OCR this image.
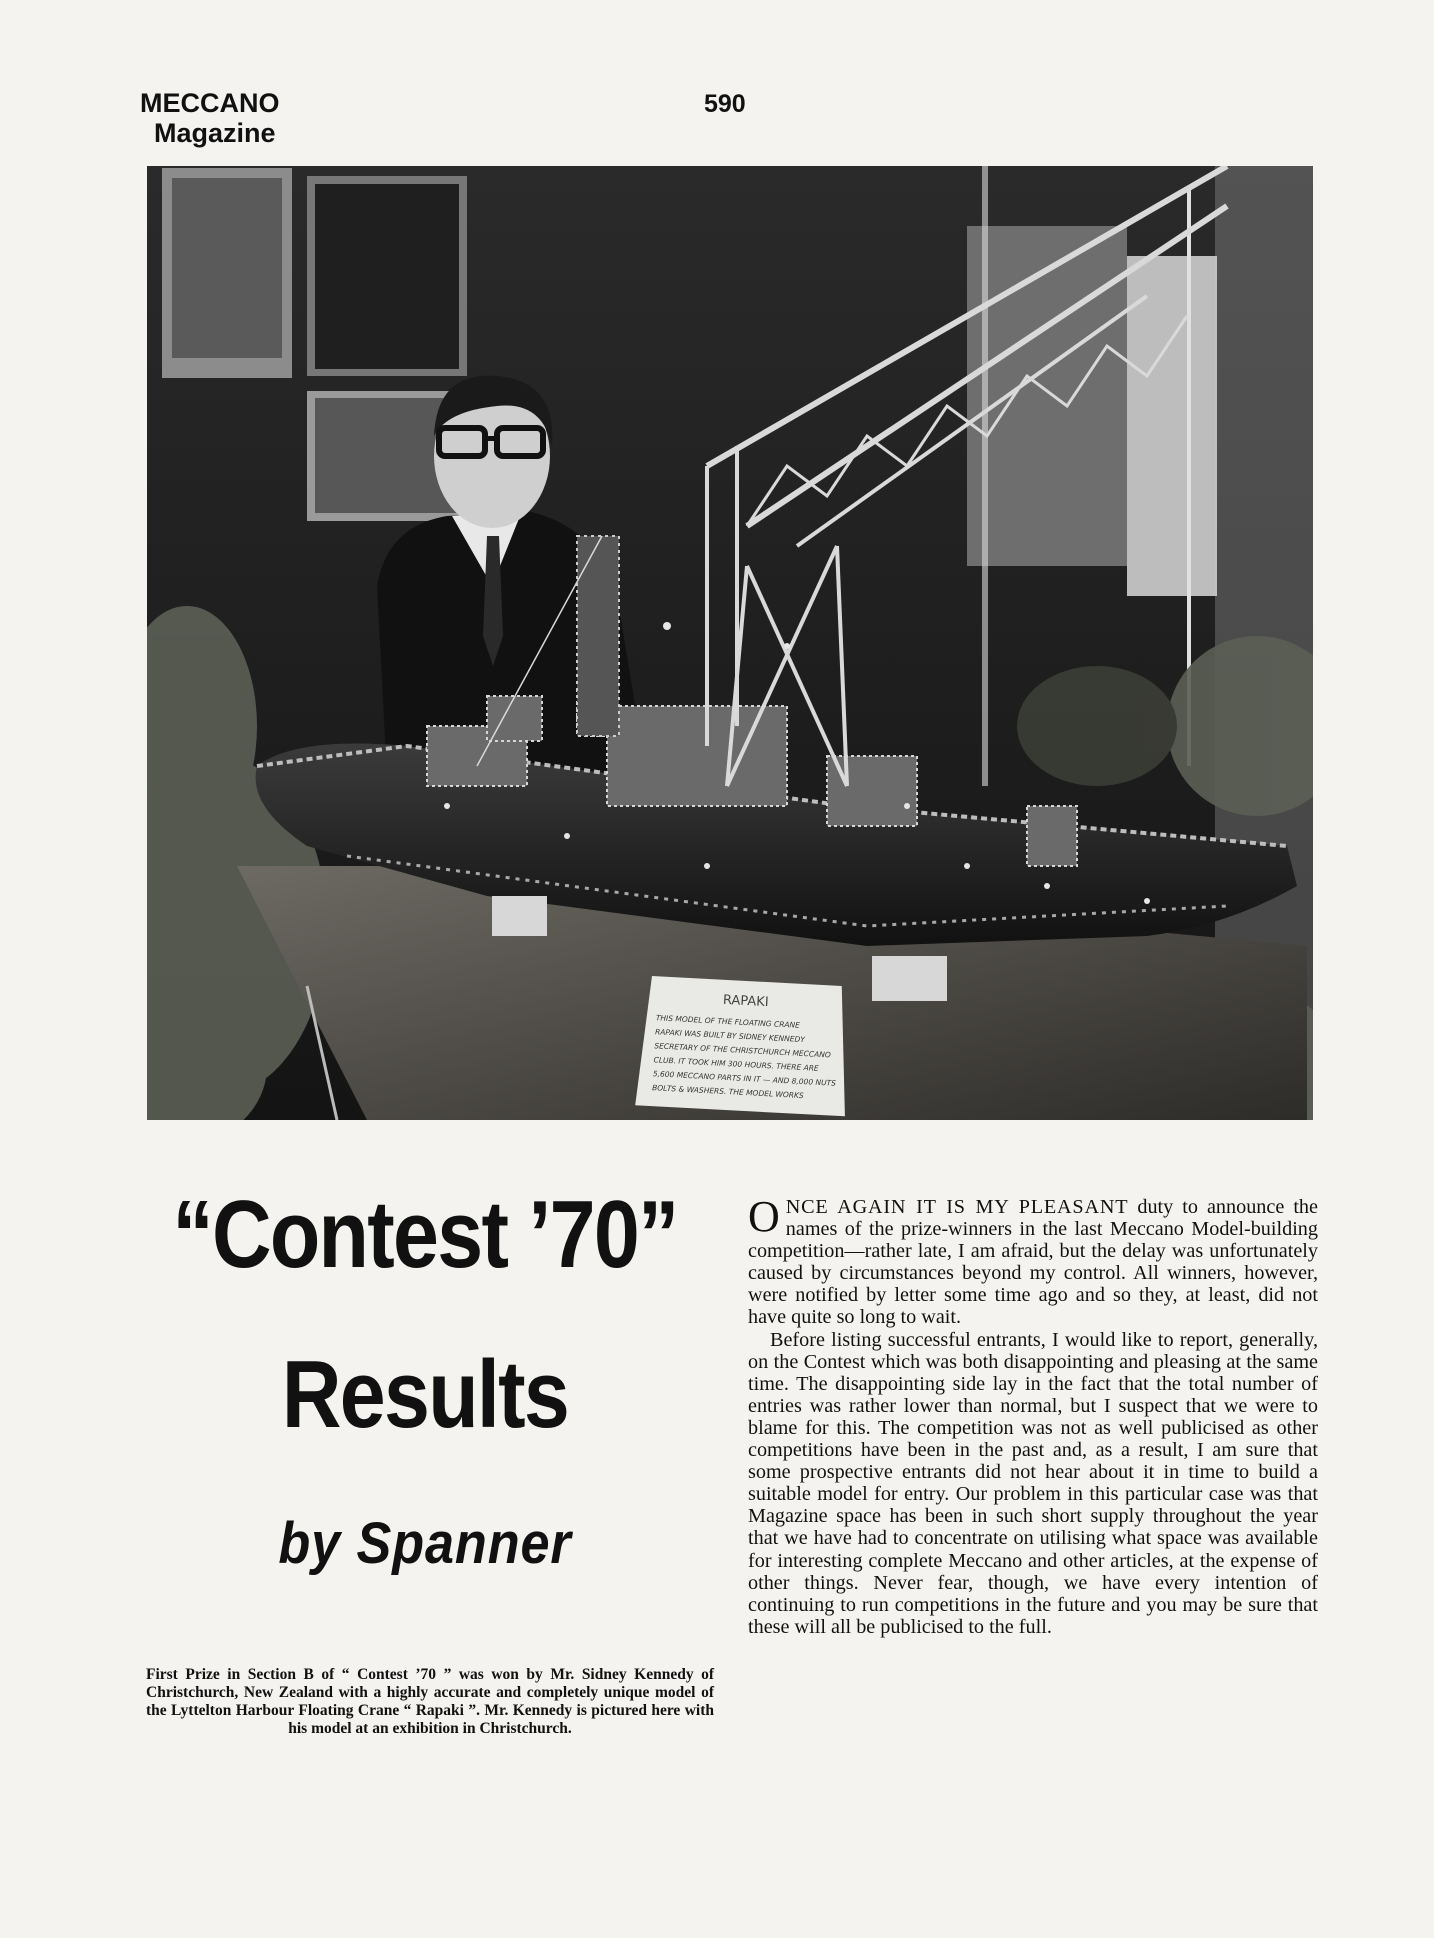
MECCANO
Magazine
590
RAPAKI
THIS MODEL OF THE FLOATING CRANE
RAPAKI WAS BUILT BY SIDNEY KENNEDY
SECRETARY OF THE CHRISTCHURCH MECCANO
CLUB. IT TOOK HIM 300 HOURS. THERE ARE
5,600 MECCANO PARTS IN IT — AND 8,000 NUTS
BOLTS & WASHERS. THE MODEL WORKS
“Contest ’70”
Results
by Spanner
First Prize in Section B of “ Contest ’70 ” was won by Mr. Sidney Kennedy of Christchurch, New Zealand with a highly accurate and completely unique model of the Lyttelton Harbour Floating Crane “ Rapaki ”. Mr. Kennedy is pictured here with his model at an exhibition in Christchurch.

ONCE AGAIN IT IS MY PLEASANT duty to announce the names of the prize-winners in the last Meccano Model-building competition—rather late, I am afraid, but the delay was unfortunately caused by circumstances beyond my control. All winners, however, were notified by letter some time ago and so they, at least, did not have quite so long to wait.

Before listing successful entrants, I would like to report, generally, on the Contest which was both disappointing and pleasing at the same time. The disappointing side lay in the fact that the total number of entries was rather lower than normal, but I suspect that we were to blame for this. The competition was not as well publicised as other competitions have been in the past and, as a result, I am sure that some prospective entrants did not hear about it in time to build a suitable model for entry. Our problem in this particular case was that Magazine space has been in such short supply throughout the year that we have had to concentrate on utilising what space was available for interesting complete Meccano and other articles, at the expense of other things. Never fear, though, we have every intention of continuing to run competitions in the future and you may be sure that these will all be publicised to the full.
